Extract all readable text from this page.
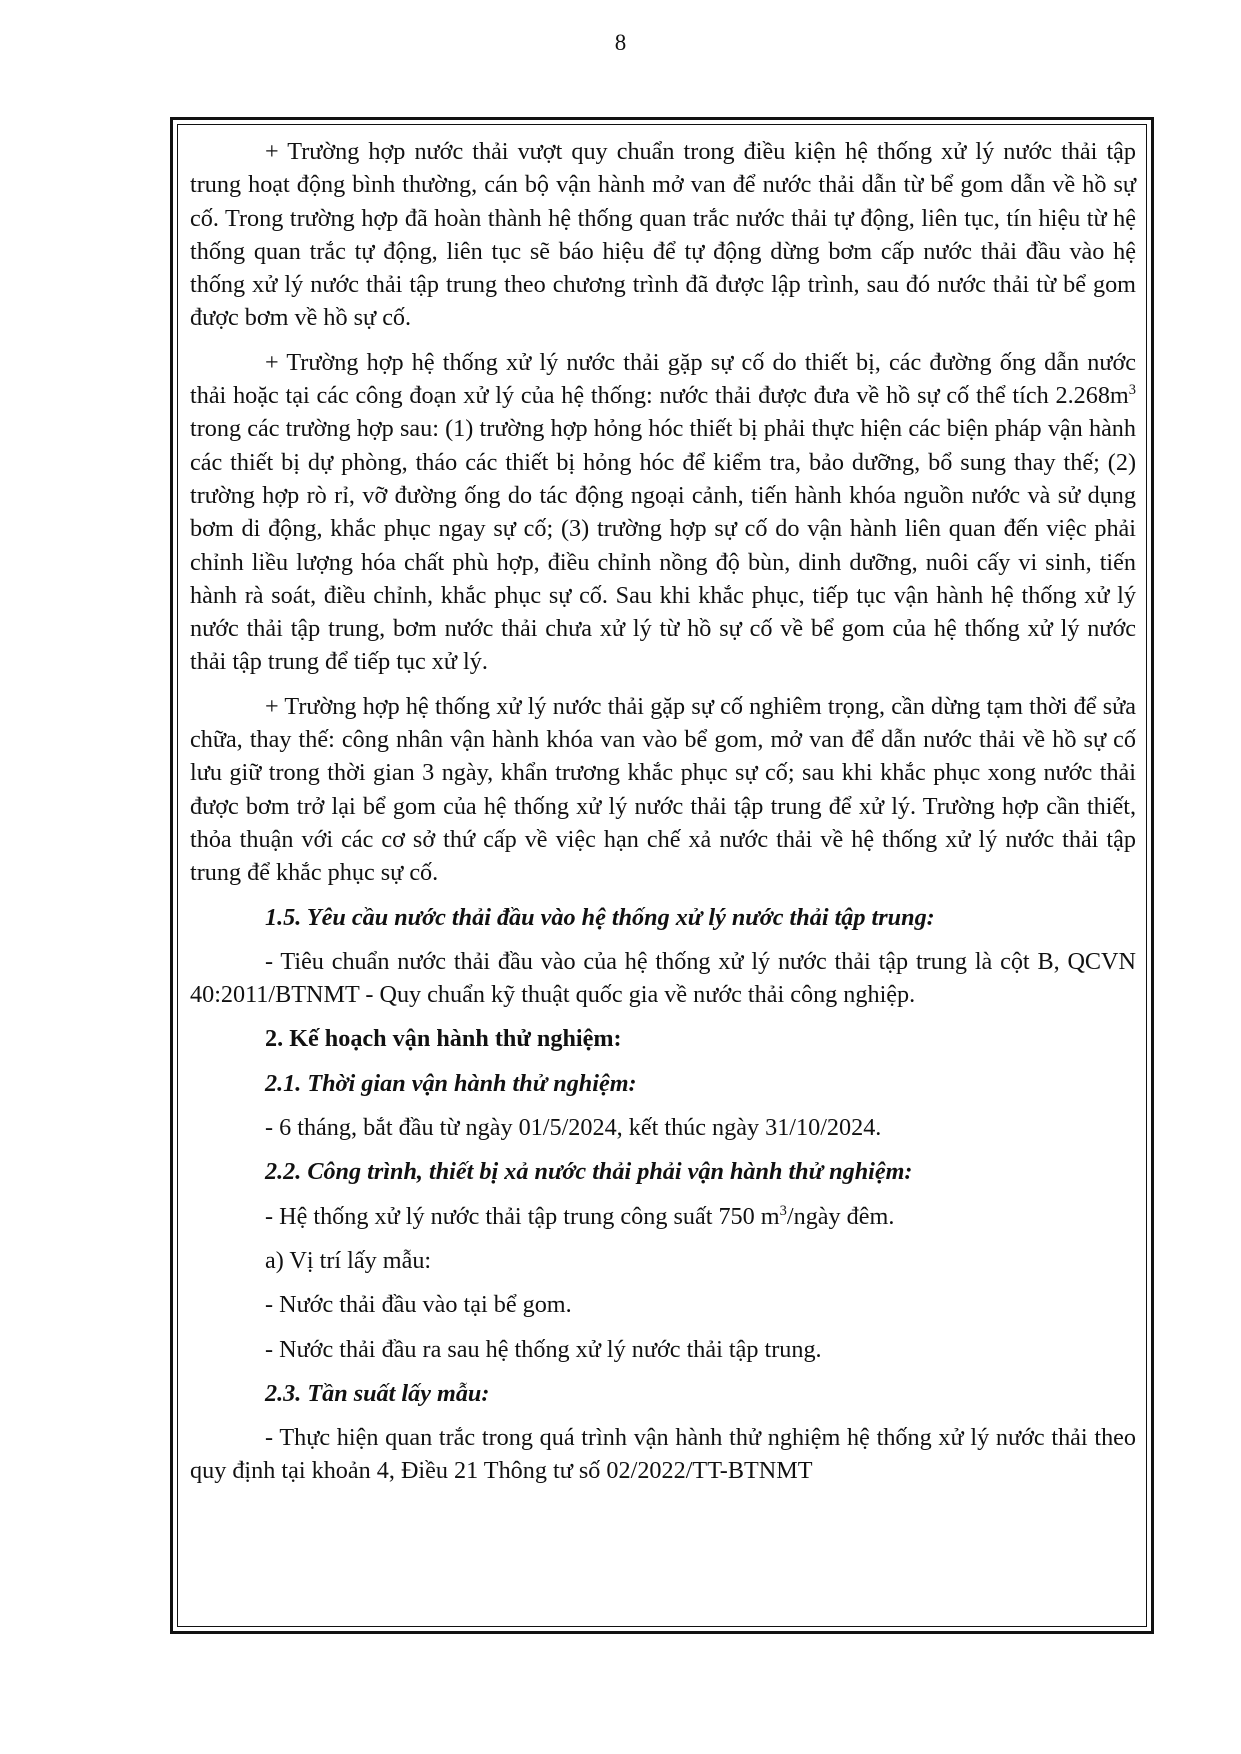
8

+ Trường hợp nước thải vượt quy chuẩn trong điều kiện hệ thống xử lý nước thải tập trung hoạt động bình thường, cán bộ vận hành mở van để nước thải dẫn từ bể gom dẫn về hồ sự cố. Trong trường hợp đã hoàn thành hệ thống quan trắc nước thải tự động, liên tục, tín hiệu từ hệ thống quan trắc tự động, liên tục sẽ báo hiệu để tự động dừng bơm cấp nước thải đầu vào hệ thống xử lý nước thải tập trung theo chương trình đã được lập trình, sau đó nước thải từ bể gom được bơm về hồ sự cố.

+ Trường hợp hệ thống xử lý nước thải gặp sự cố do thiết bị, các đường ống dẫn nước thải hoặc tại các công đoạn xử lý của hệ thống: nước thải được đưa về hồ sự cố thể tích $2.268m^3$ trong các trường hợp sau: (1) trường hợp hỏng hóc thiết bị phải thực hiện các biện pháp vận hành các thiết bị dự phòng, tháo các thiết bị hỏng hóc để kiểm tra, bảo dưỡng, bổ sung thay thế; (2) trường hợp rò rỉ, vỡ đường ống do tác động ngoại cảnh, tiến hành khóa nguồn nước và sử dụng bơm di động, khắc phục ngay sự cố; (3) trường hợp sự cố do vận hành liên quan đến việc phải chỉnh liều lượng hóa chất phù hợp, điều chỉnh nồng độ bùn, dinh dưỡng, nuôi cấy vi sinh, tiến hành rà soát, điều chỉnh, khắc phục sự cố. Sau khi khắc phục, tiếp tục vận hành hệ thống xử lý nước thải tập trung, bơm nước thải chưa xử lý từ hồ sự cố về bể gom của hệ thống xử lý nước thải tập trung để tiếp tục xử lý.

+ Trường hợp hệ thống xử lý nước thải gặp sự cố nghiêm trọng, cần dừng tạm thời để sửa chữa, thay thế: công nhân vận hành khóa van vào bể gom, mở van để dẫn nước thải về hồ sự cố lưu giữ trong thời gian 3 ngày, khẩn trương khắc phục sự cố; sau khi khắc phục xong nước thải được bơm trở lại bể gom của hệ thống xử lý nước thải tập trung để xử lý. Trường hợp cần thiết, thỏa thuận với các cơ sở thứ cấp về việc hạn chế xả nước thải về hệ thống xử lý nước thải tập trung để khắc phục sự cố.

1.5. Yêu cầu nước thải đầu vào hệ thống xử lý nước thải tập trung:

- Tiêu chuẩn nước thải đầu vào của hệ thống xử lý nước thải tập trung là cột B, QCVN 40:2011/BTNMT - Quy chuẩn kỹ thuật quốc gia về nước thải công nghiệp.

2. Kế hoạch vận hành thử nghiệm:

2.1. Thời gian vận hành thử nghiệm:

- 6 tháng, bắt đầu từ ngày 01/5/2024, kết thúc ngày 31/10/2024.

2.2. Công trình, thiết bị xả nước thải phải vận hành thử nghiệm:

- Hệ thống xử lý nước thải tập trung công suất 750 $m^3$/ngày đêm.

a) Vị trí lấy mẫu:

- Nước thải đầu vào tại bể gom.

- Nước thải đầu ra sau hệ thống xử lý nước thải tập trung.

2.3. Tần suất lấy mẫu:

- Thực hiện quan trắc trong quá trình vận hành thử nghiệm hệ thống xử lý nước thải theo quy định tại khoản 4, Điều 21 Thông tư số 02/2022/TT-BTNMT
